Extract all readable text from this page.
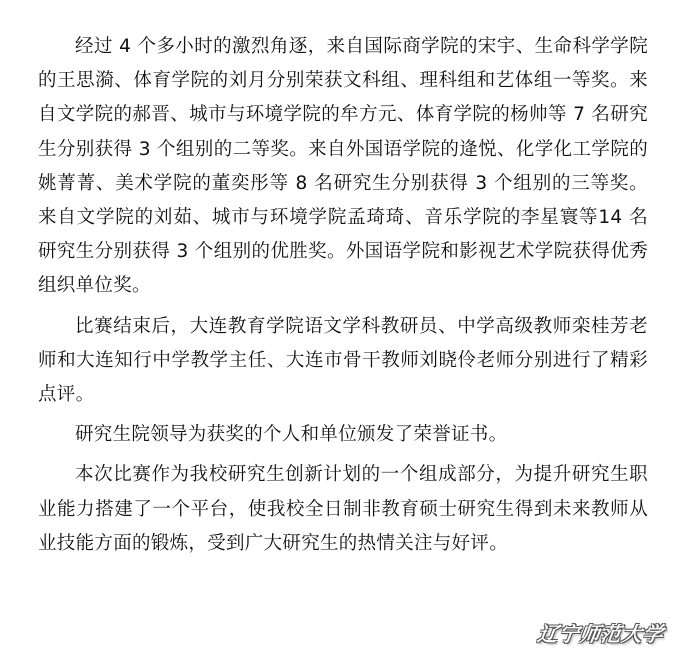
经过 4 个多小时的激烈角逐，来自国际商学院的宋宇、生命科学学院的王思漪、体育学院的刘月分别荣获文科组、理科组和艺体组一等奖。来自文学院的郝晋、城市与环境学院的牟方元、体育学院的杨帅等 7 名研究生分别获得 3 个组别的二等奖。来自外国语学院的逄悦、化学化工学院的姚菁菁、美术学院的董奕彤等 8 名研究生分别获得 3 个组别的三等奖。来自文学院的刘茹、城市与环境学院孟琦琦、音乐学院的李星寰等14 名研究生分别获得 3 个组别的优胜奖。外国语学院和影视艺术学院获得优秀组织单位奖。

比赛结束后，大连教育学院语文学科教研员、中学高级教师栾桂芳老师和大连知行中学教学主任、大连市骨干教师刘晓伶老师分别进行了精彩点评。

研究生院领导为获奖的个人和单位颁发了荣誉证书。

本次比赛作为我校研究生创新计划的一个组成部分，为提升研究生职业能力搭建了一个平台，使我校全日制非教育硕士研究生得到未来教师从业技能方面的锻炼，受到广大研究生的热情关注与好评。

辽宁师范大学
